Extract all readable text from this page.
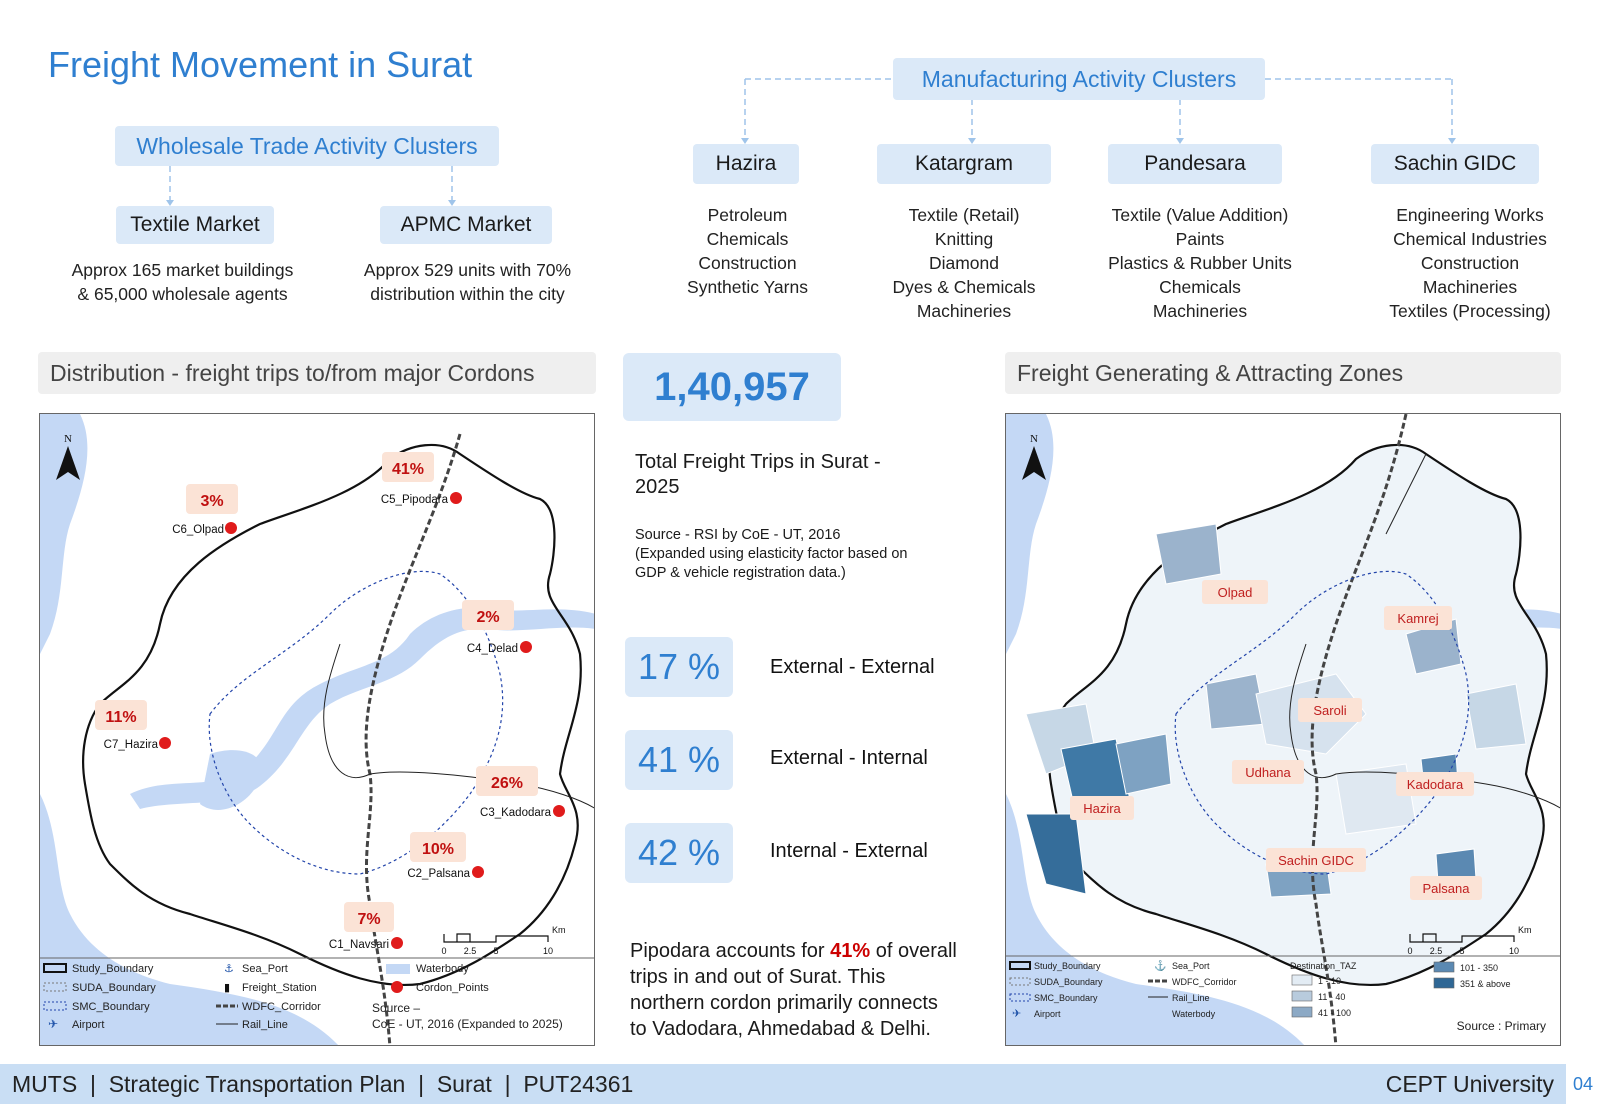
Freight Movement in Surat
Wholesale Trade Activity Clusters
Textile Market	APMC Market
Approx 165 market buildings
& 65,000 wholesale agents
Approx 529 units with 70%
distribution within the city
Manufacturing Activity Clusters
Hazira	Katargram	Pandesara	Sachin GIDC
Petroleum
Chemicals
Construction
Synthetic Yarns
Textile (Retail)
Knitting
Diamond
Dyes & Chemicals
Machineries
Textile (Value Addition)
Paints
Plastics & Rubber Units
Chemicals
Machineries
Engineering Works
Chemical Industries
Construction
Machineries
Textiles (Processing)
Distribution - freight trips to/from major Cordons
N
41%
3%
2%
11%
26%
10%
7%
C5_Pipodara
C6_Olpad
C4_Delad
C7_Hazira
C3_Kadodara
C2_Palsana
C1_Navsari	0 2.5 5	10
Km
Study_Boundary
SUDA_Boundary
SMC_Boundary
✈ Airport
⚓ Sea_Port
▮ Freight_Station
WDFC_Corridor
Rail_Line
Waterbody
Cordon_Points
Source –
CoE - UT, 2016 (Expanded to 2025)
1,40,957
Total Freight Trips in Surat -
2025
Source - RSI by CoE - UT, 2016
(Expanded using elasticity factor based on
GDP & vehicle registration data.)
17 %	External - External
41 %	External - Internal
42 %	Internal - External
Pipodara accounts for 41% of overall
trips in and out of Surat. This
northern cordon primarily connects
to Vadodara, Ahmedabad & Delhi.
Freight Generating & Attracting Zones
N
Olpad
Kamrej
Saroli
Udhana
Kadodara
Hazira
Sachin GIDC
Palsana
0 2.5 5	10
Km
Study_Boundary
SUDA_Boundary
SMC_Boundary
✈ Airport
⚓ Sea_Port
WDFC_Corridor
Rail_Line
Waterbody
Destination_TAZ
1 - 10
11 - 40
41 - 100
101 - 350
351 & above
Source : Primary
MUTS  |  Strategic Transportation Plan  |  Surat  |  PUT24361	CEPT University	04
